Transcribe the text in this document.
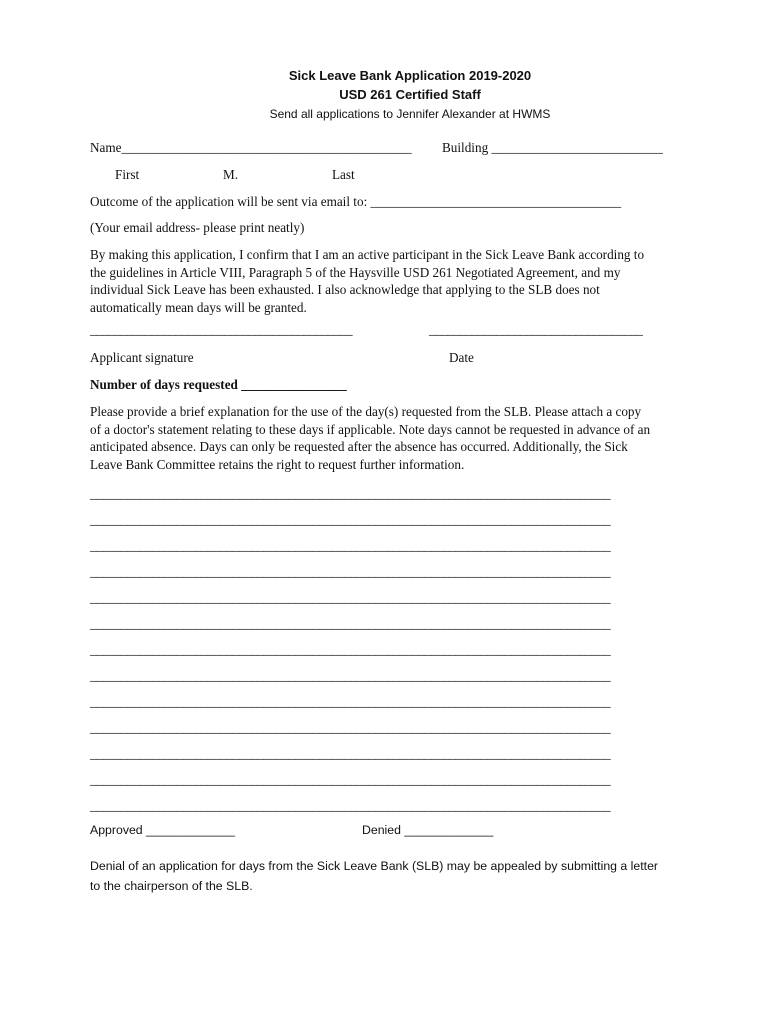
Sick Leave Bank Application 2019-2020
USD 261 Certified Staff
Send all applications to Jennifer Alexander at HWMS
Name____________________________________________ Building __________________________
First	M.	Last
Outcome of the application will be sent via email to: ______________________________________
(Your email address- please print neatly)
By making this application, I confirm that I am an active participant in the Sick Leave Bank according to
the guidelines in Article VIII, Paragraph 5 of the Haysville USD 261 Negotiated Agreement, and my
individual Sick Leave has been exhausted. I also acknowledge that applying to the SLB does not
automatically mean days will be granted.
___________________________________________	___________________________________
Applicant signature	Date
Number of days requested ________________
Please provide a brief explanation for the use of the day(s) requested from the SLB. Please attach a copy
of a doctor's statement relating to these days if applicable. Note days cannot be requested in advance of an
anticipated absence. Days can only be requested after the absence has occurred. Additionally, the Sick
Leave Bank Committee retains the right to request further information.
____________________________________________________________________________________
____________________________________________________________________________________
____________________________________________________________________________________
____________________________________________________________________________________
____________________________________________________________________________________
____________________________________________________________________________________
____________________________________________________________________________________
____________________________________________________________________________________
____________________________________________________________________________________
____________________________________________________________________________________
____________________________________________________________________________________
____________________________________________________________________________________
____________________________________________________________________________________
Approved _____________	Denied _____________
Denial of an application for days from the Sick Leave Bank (SLB) may be appealed by submitting a letter
to the chairperson of the SLB.
